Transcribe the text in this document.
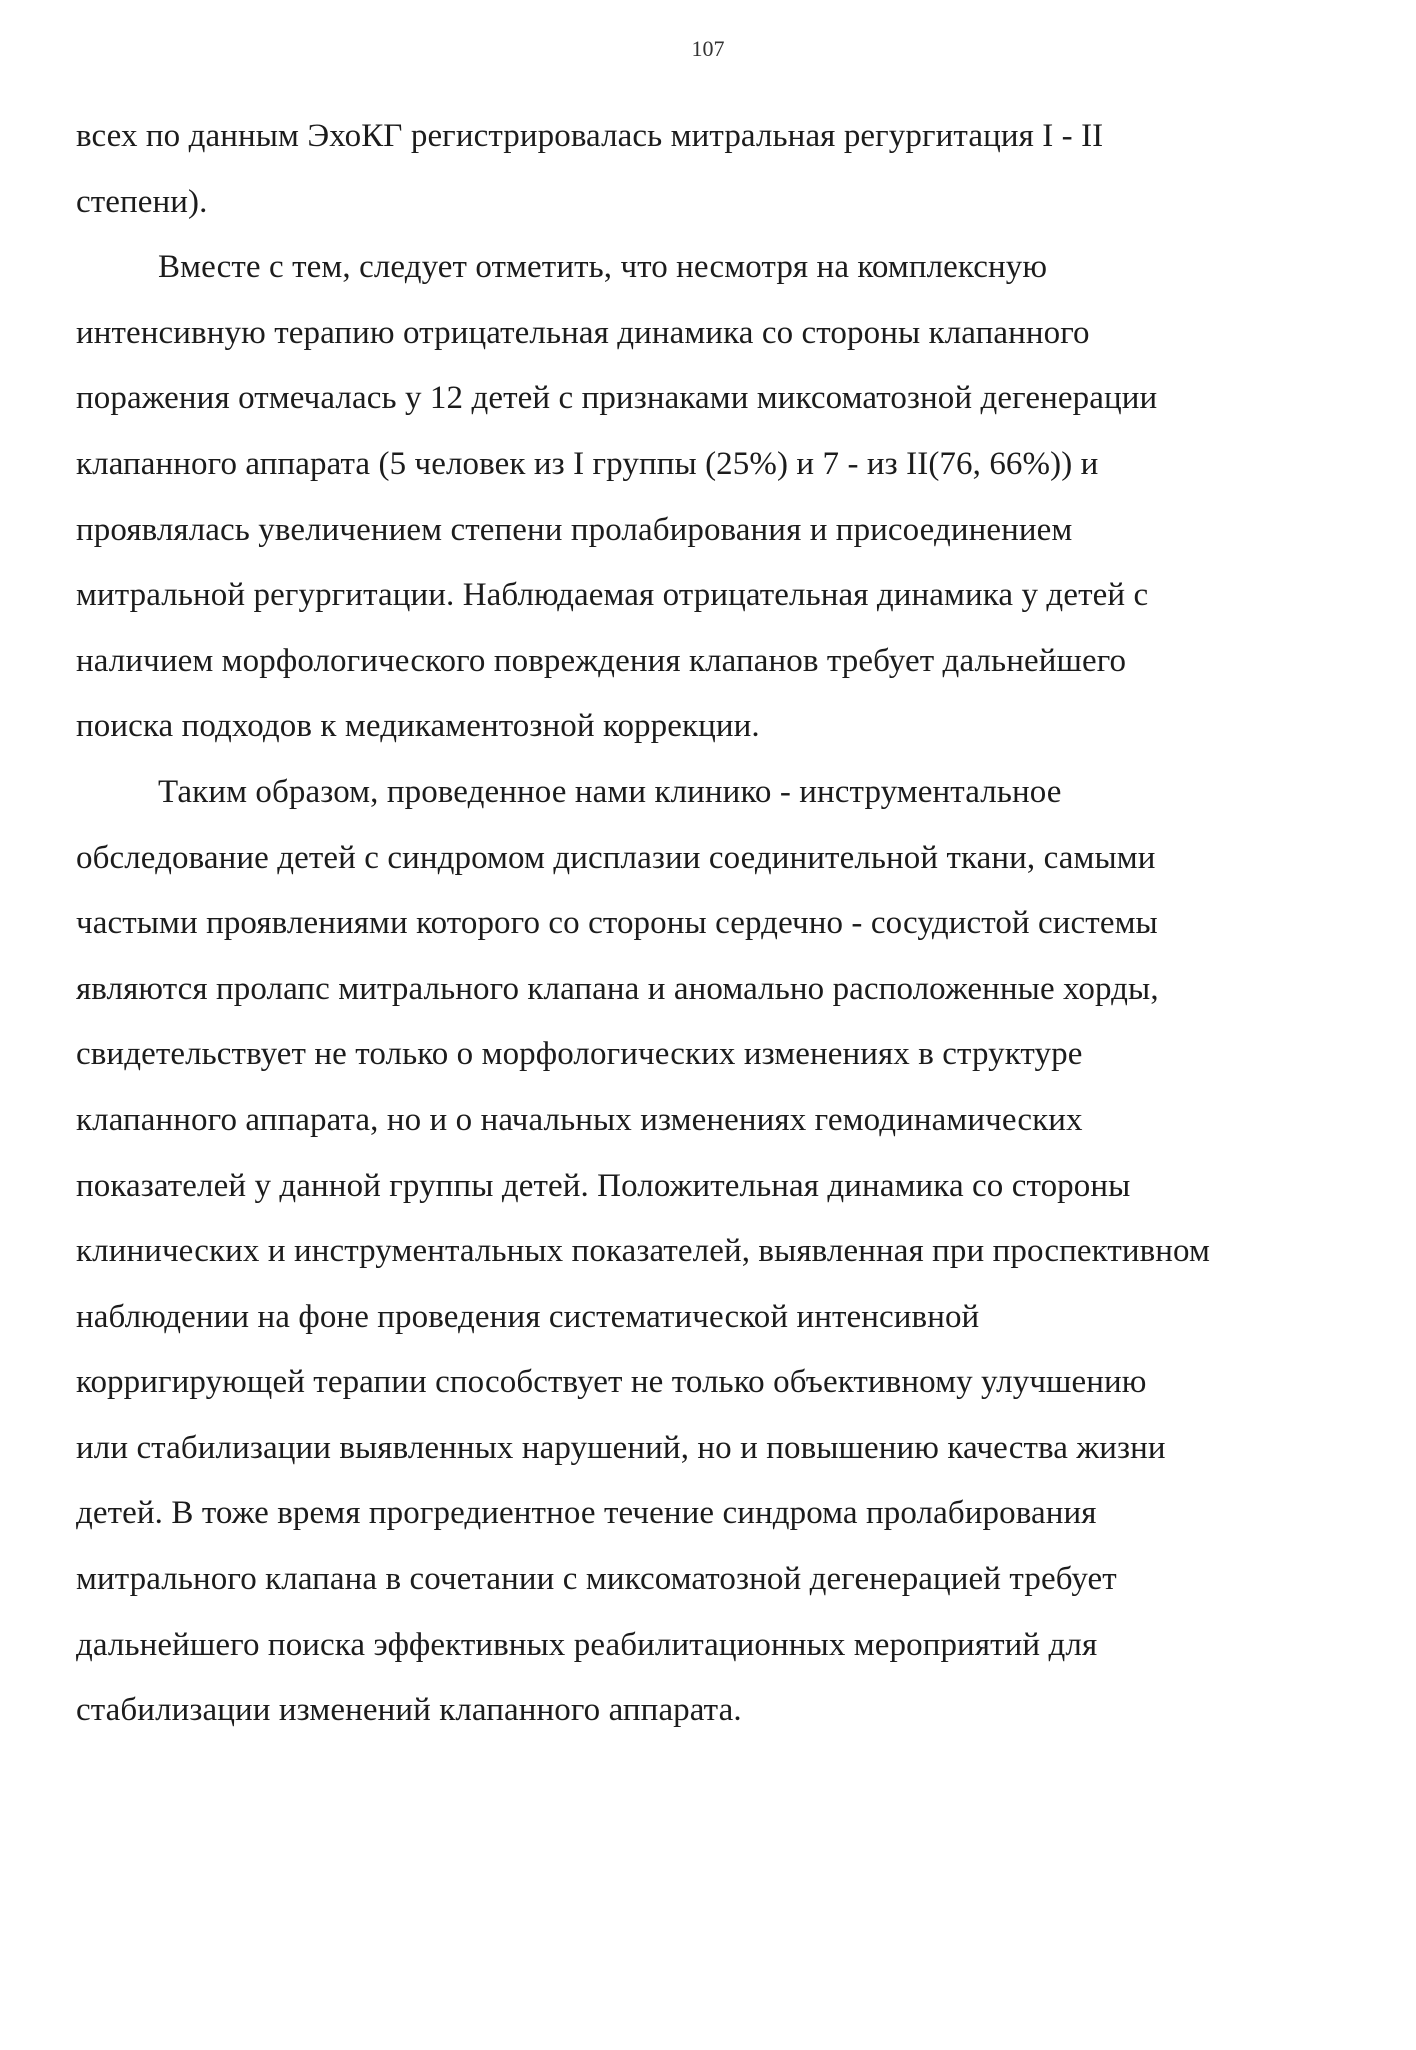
107
всех по данным ЭхоКГ регистрировалась митральная регургитация I - II
степени).
Вместе с тем, следует отметить, что несмотря на комплексную
интенсивную терапию отрицательная динамика со стороны клапанного
поражения отмечалась у 12 детей с признаками миксоматозной дегенерации
клапанного аппарата (5 человек из I группы (25%) и 7 - из II(76, 66%)) и
проявлялась увеличением степени пролабирования и присоединением
митральной регургитации. Наблюдаемая отрицательная динамика у детей с
наличием морфологического повреждения клапанов требует дальнейшего
поиска подходов к медикаментозной коррекции.
Таким образом, проведенное нами клинико - инструментальное
обследование детей с синдромом дисплазии соединительной ткани, самыми
частыми проявлениями которого со стороны сердечно - сосудистой системы
являются пролапс митрального клапана и аномально расположенные хорды,
свидетельствует не только о морфологических изменениях в структуре
клапанного аппарата, но и о начальных изменениях гемодинамических
показателей у данной группы детей. Положительная динамика со стороны
клинических и инструментальных показателей, выявленная при проспективном
наблюдении на фоне проведения систематической интенсивной
корригирующей терапии способствует не только объективному улучшению
или стабилизации выявленных нарушений, но и повышению качества жизни
детей. В тоже время прогредиентное течение синдрома пролабирования
митрального клапана в сочетании с миксоматозной дегенерацией требует
дальнейшего поиска эффективных реабилитационных мероприятий для
стабилизации изменений клапанного аппарата.
